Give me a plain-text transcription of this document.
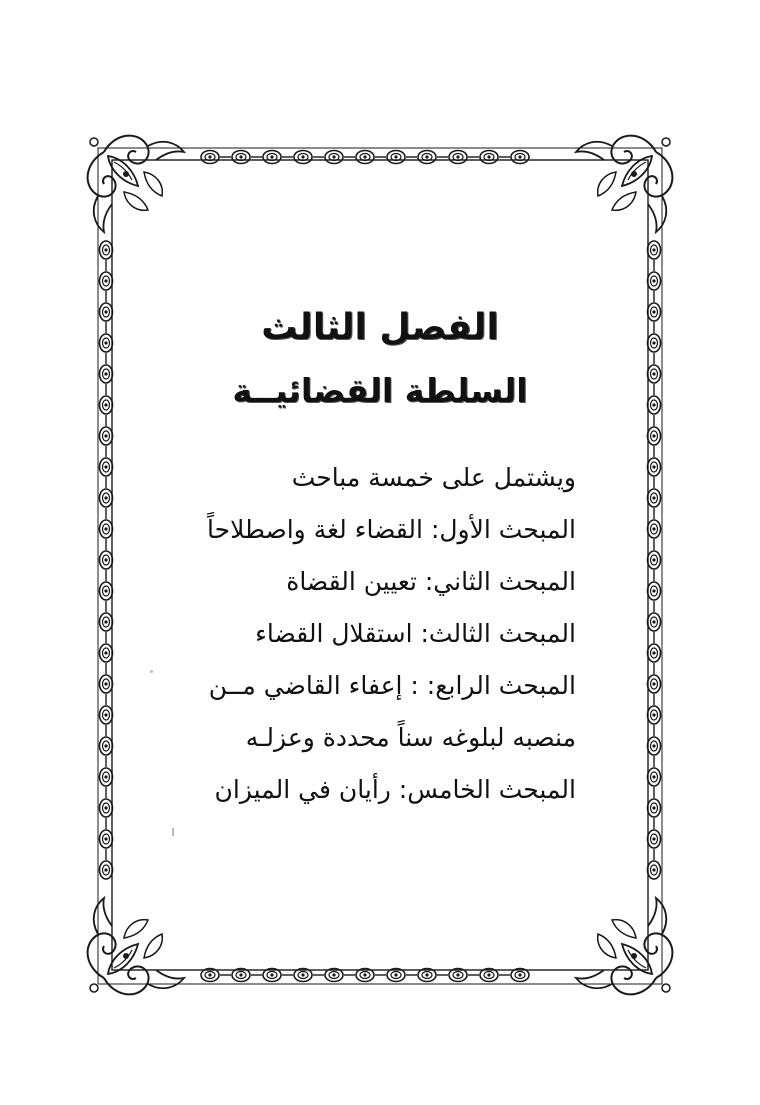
الفصل الثالث
السلطة القضائيــة
ويشتمل على خمسة مباحث
المبحث الأول: القضاء لغة واصطلاحاً
المبحث الثاني: تعيين القضاة
المبحث الثالث: استقلال القضاء
المبحث الرابع: : إعفاء القاضي مــن
منصبه لبلوغه سناً محددة وعزلـه
المبحث الخامس: رأيان في الميزان
